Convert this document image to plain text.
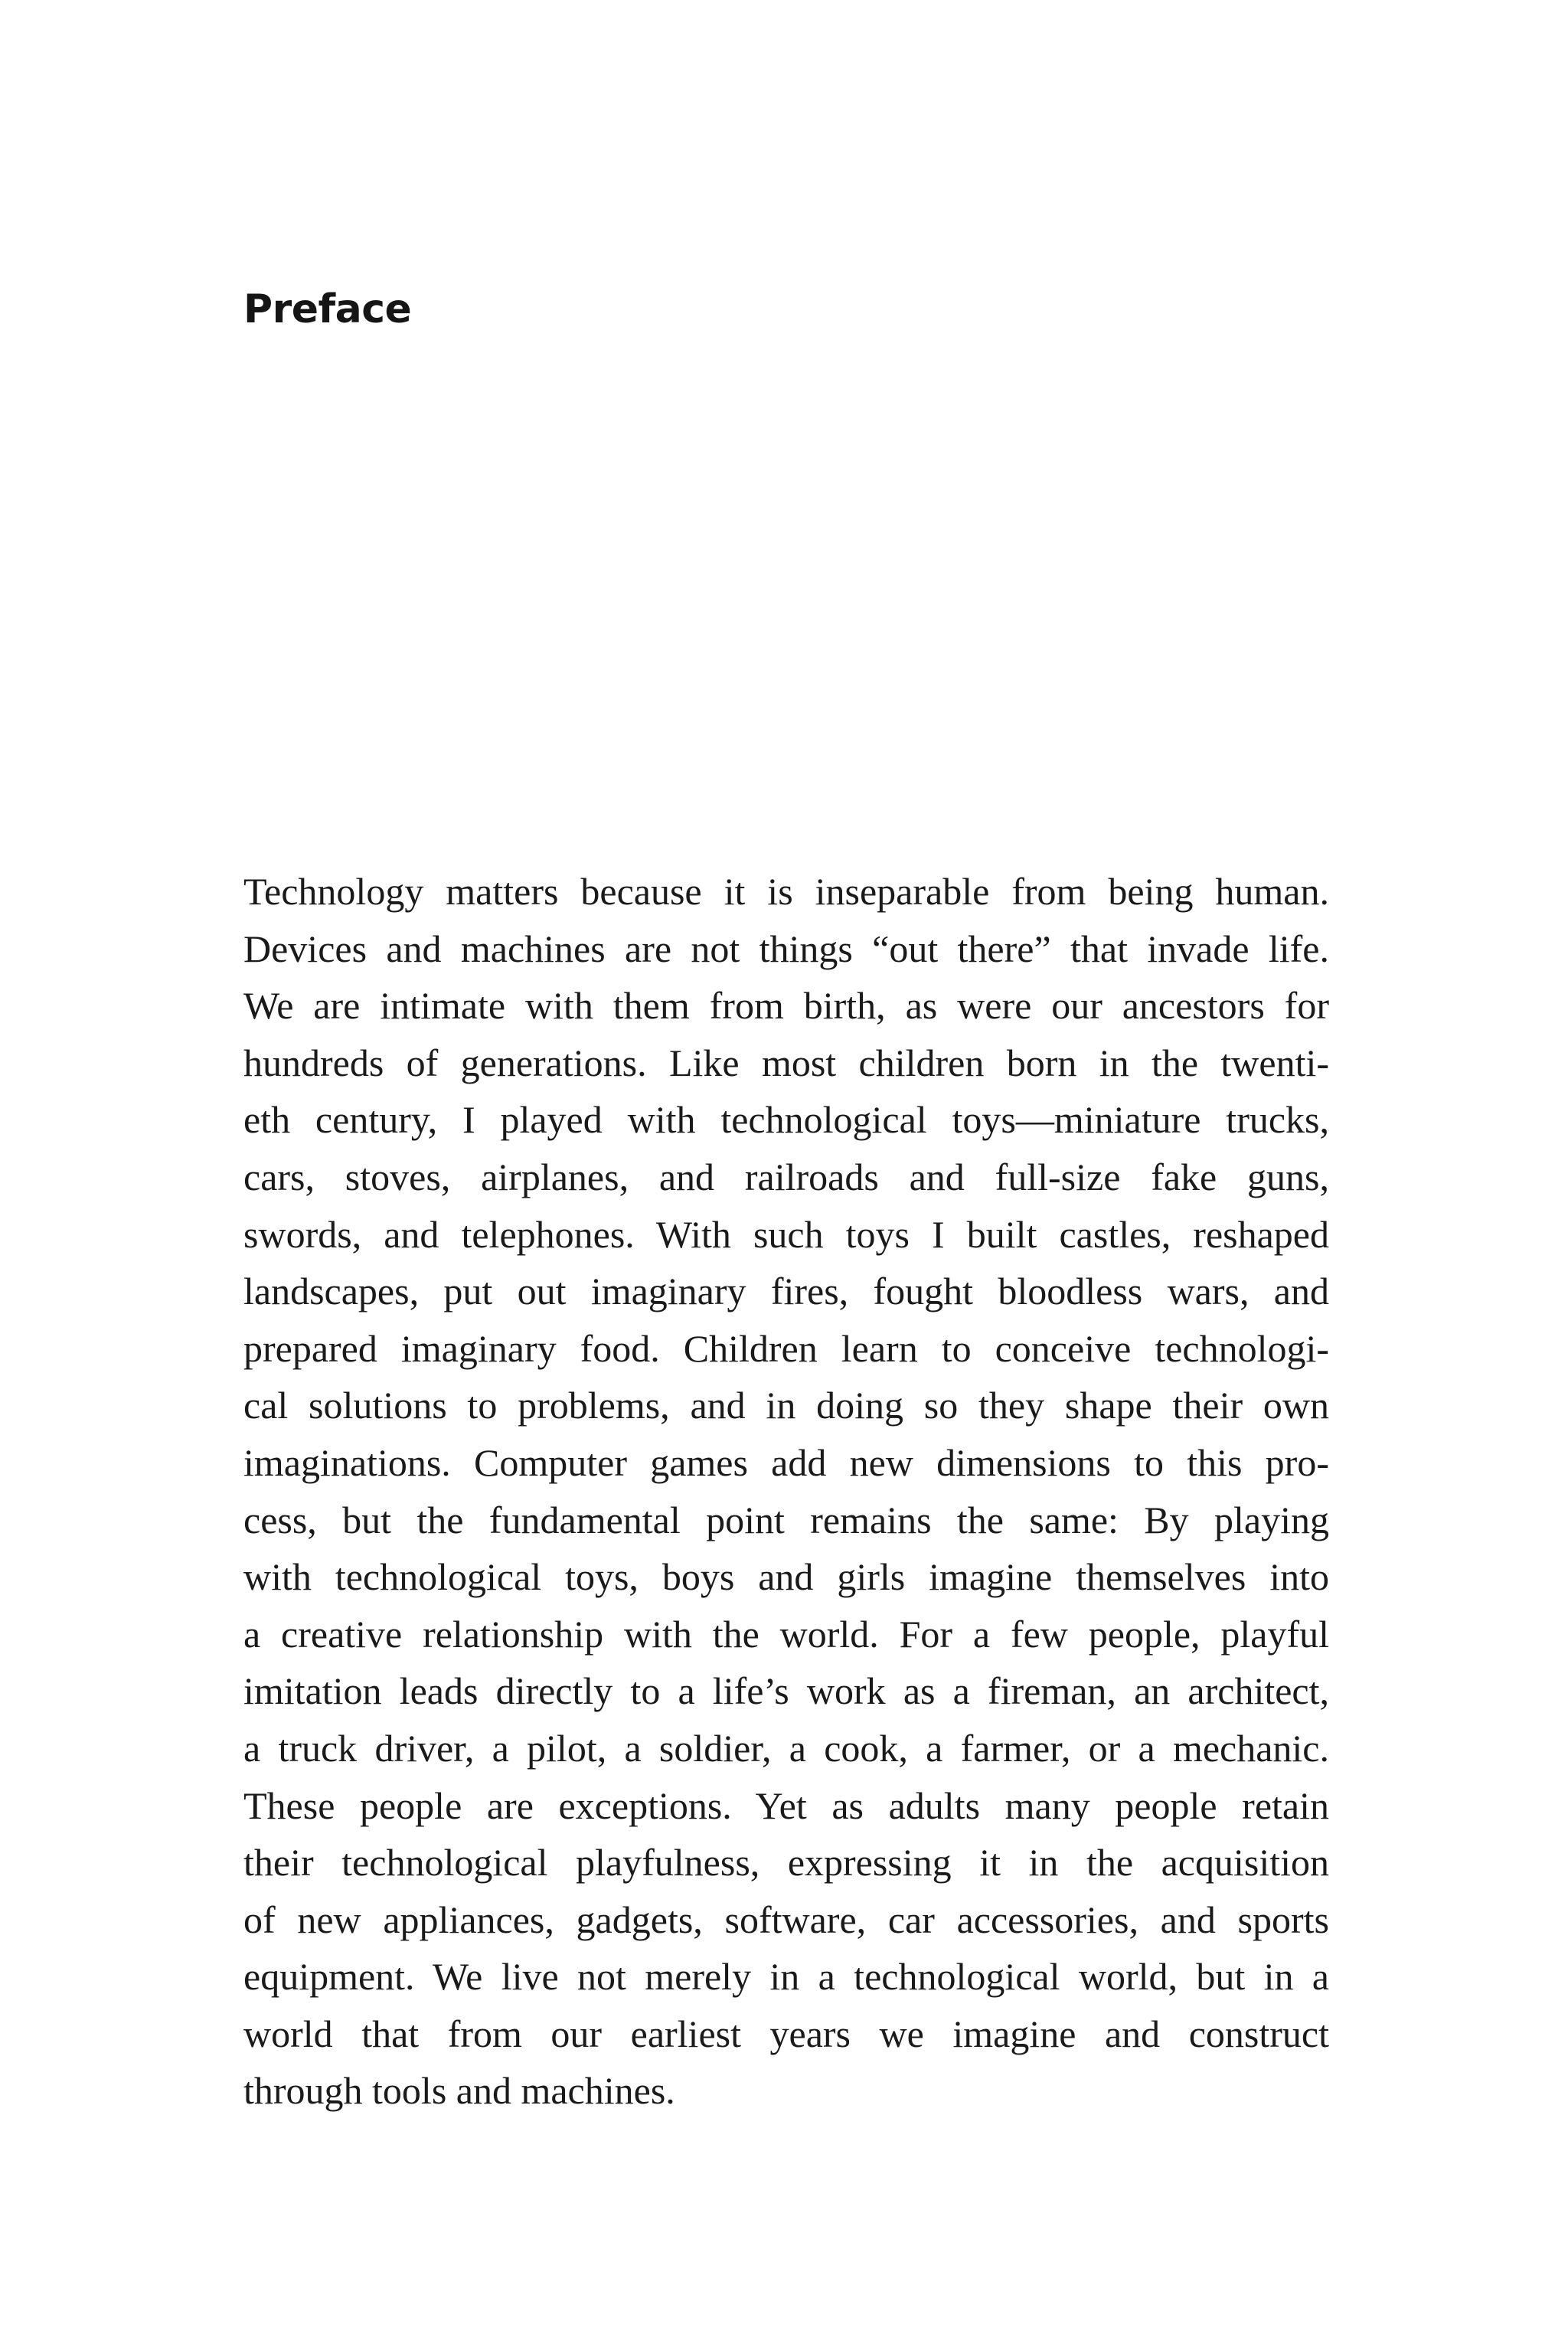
Preface
Technology matters because it is inseparable from being human.
Devices and machines are not things “out there” that invade life.
We are intimate with them from birth, as were our ancestors for
hundreds of generations. Like most children born in the twenti-
eth century, I played with technological toys—miniature trucks,
cars, stoves, airplanes, and railroads and full-size fake guns,
swords, and telephones. With such toys I built castles, reshaped
landscapes, put out imaginary fires, fought bloodless wars, and
prepared imaginary food. Children learn to conceive technologi-
cal solutions to problems, and in doing so they shape their own
imaginations. Computer games add new dimensions to this pro-
cess, but the fundamental point remains the same: By playing
with technological toys, boys and girls imagine themselves into
a creative relationship with the world. For a few people, playful
imitation leads directly to a life’s work as a fireman, an architect,
a truck driver, a pilot, a soldier, a cook, a farmer, or a mechanic.
These people are exceptions. Yet as adults many people retain
their technological playfulness, expressing it in the acquisition
of new appliances, gadgets, software, car accessories, and sports
equipment. We live not merely in a technological world, but in a
world that from our earliest years we imagine and construct
through tools and machines.
